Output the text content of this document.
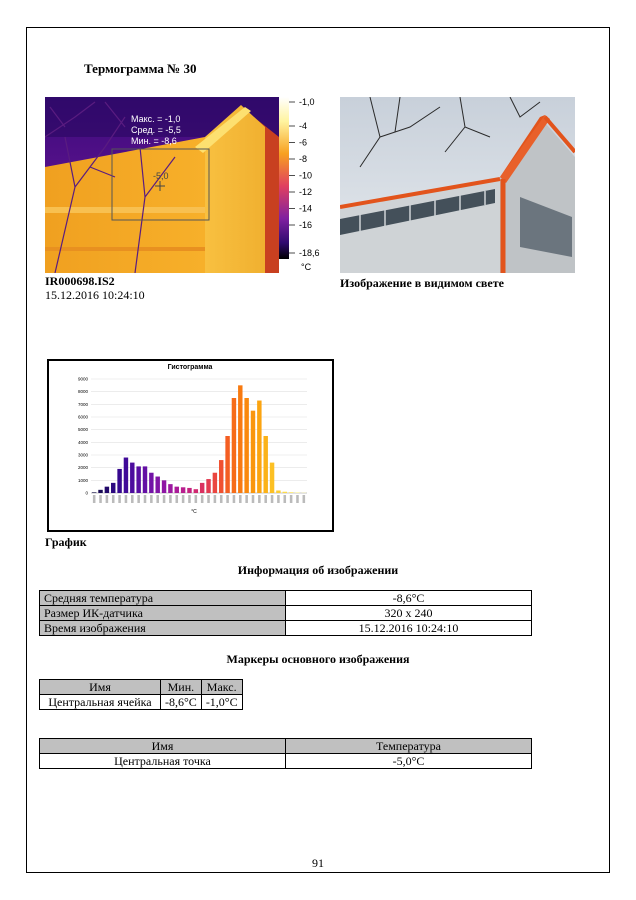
Термограмма № 30
Макс. = -1,0
Сред. = -5,5
Мин. = -8,6
-5,0
-1,0
-4
-6
-8
-10
-12
-14
-16
-18,6
°C
IR000698.IS2
15.12.2016 10:24:10
Изображение в видимом свете
Гистограмма
0
1000
2000
3000
4000
5000
6000
7000
8000
9000
°C
График
Информация об изображении
Средняя температура	-8,6°C
Размер ИК-датчика	320 x 240
Время изображения	15.12.2016 10:24:10
Маркеры основного изображения
Имя	Мин.	Макс.
Центральная ячейка	-8,6°C	-1,0°C
Имя	Температура
Центральная точка	-5,0°C
91
